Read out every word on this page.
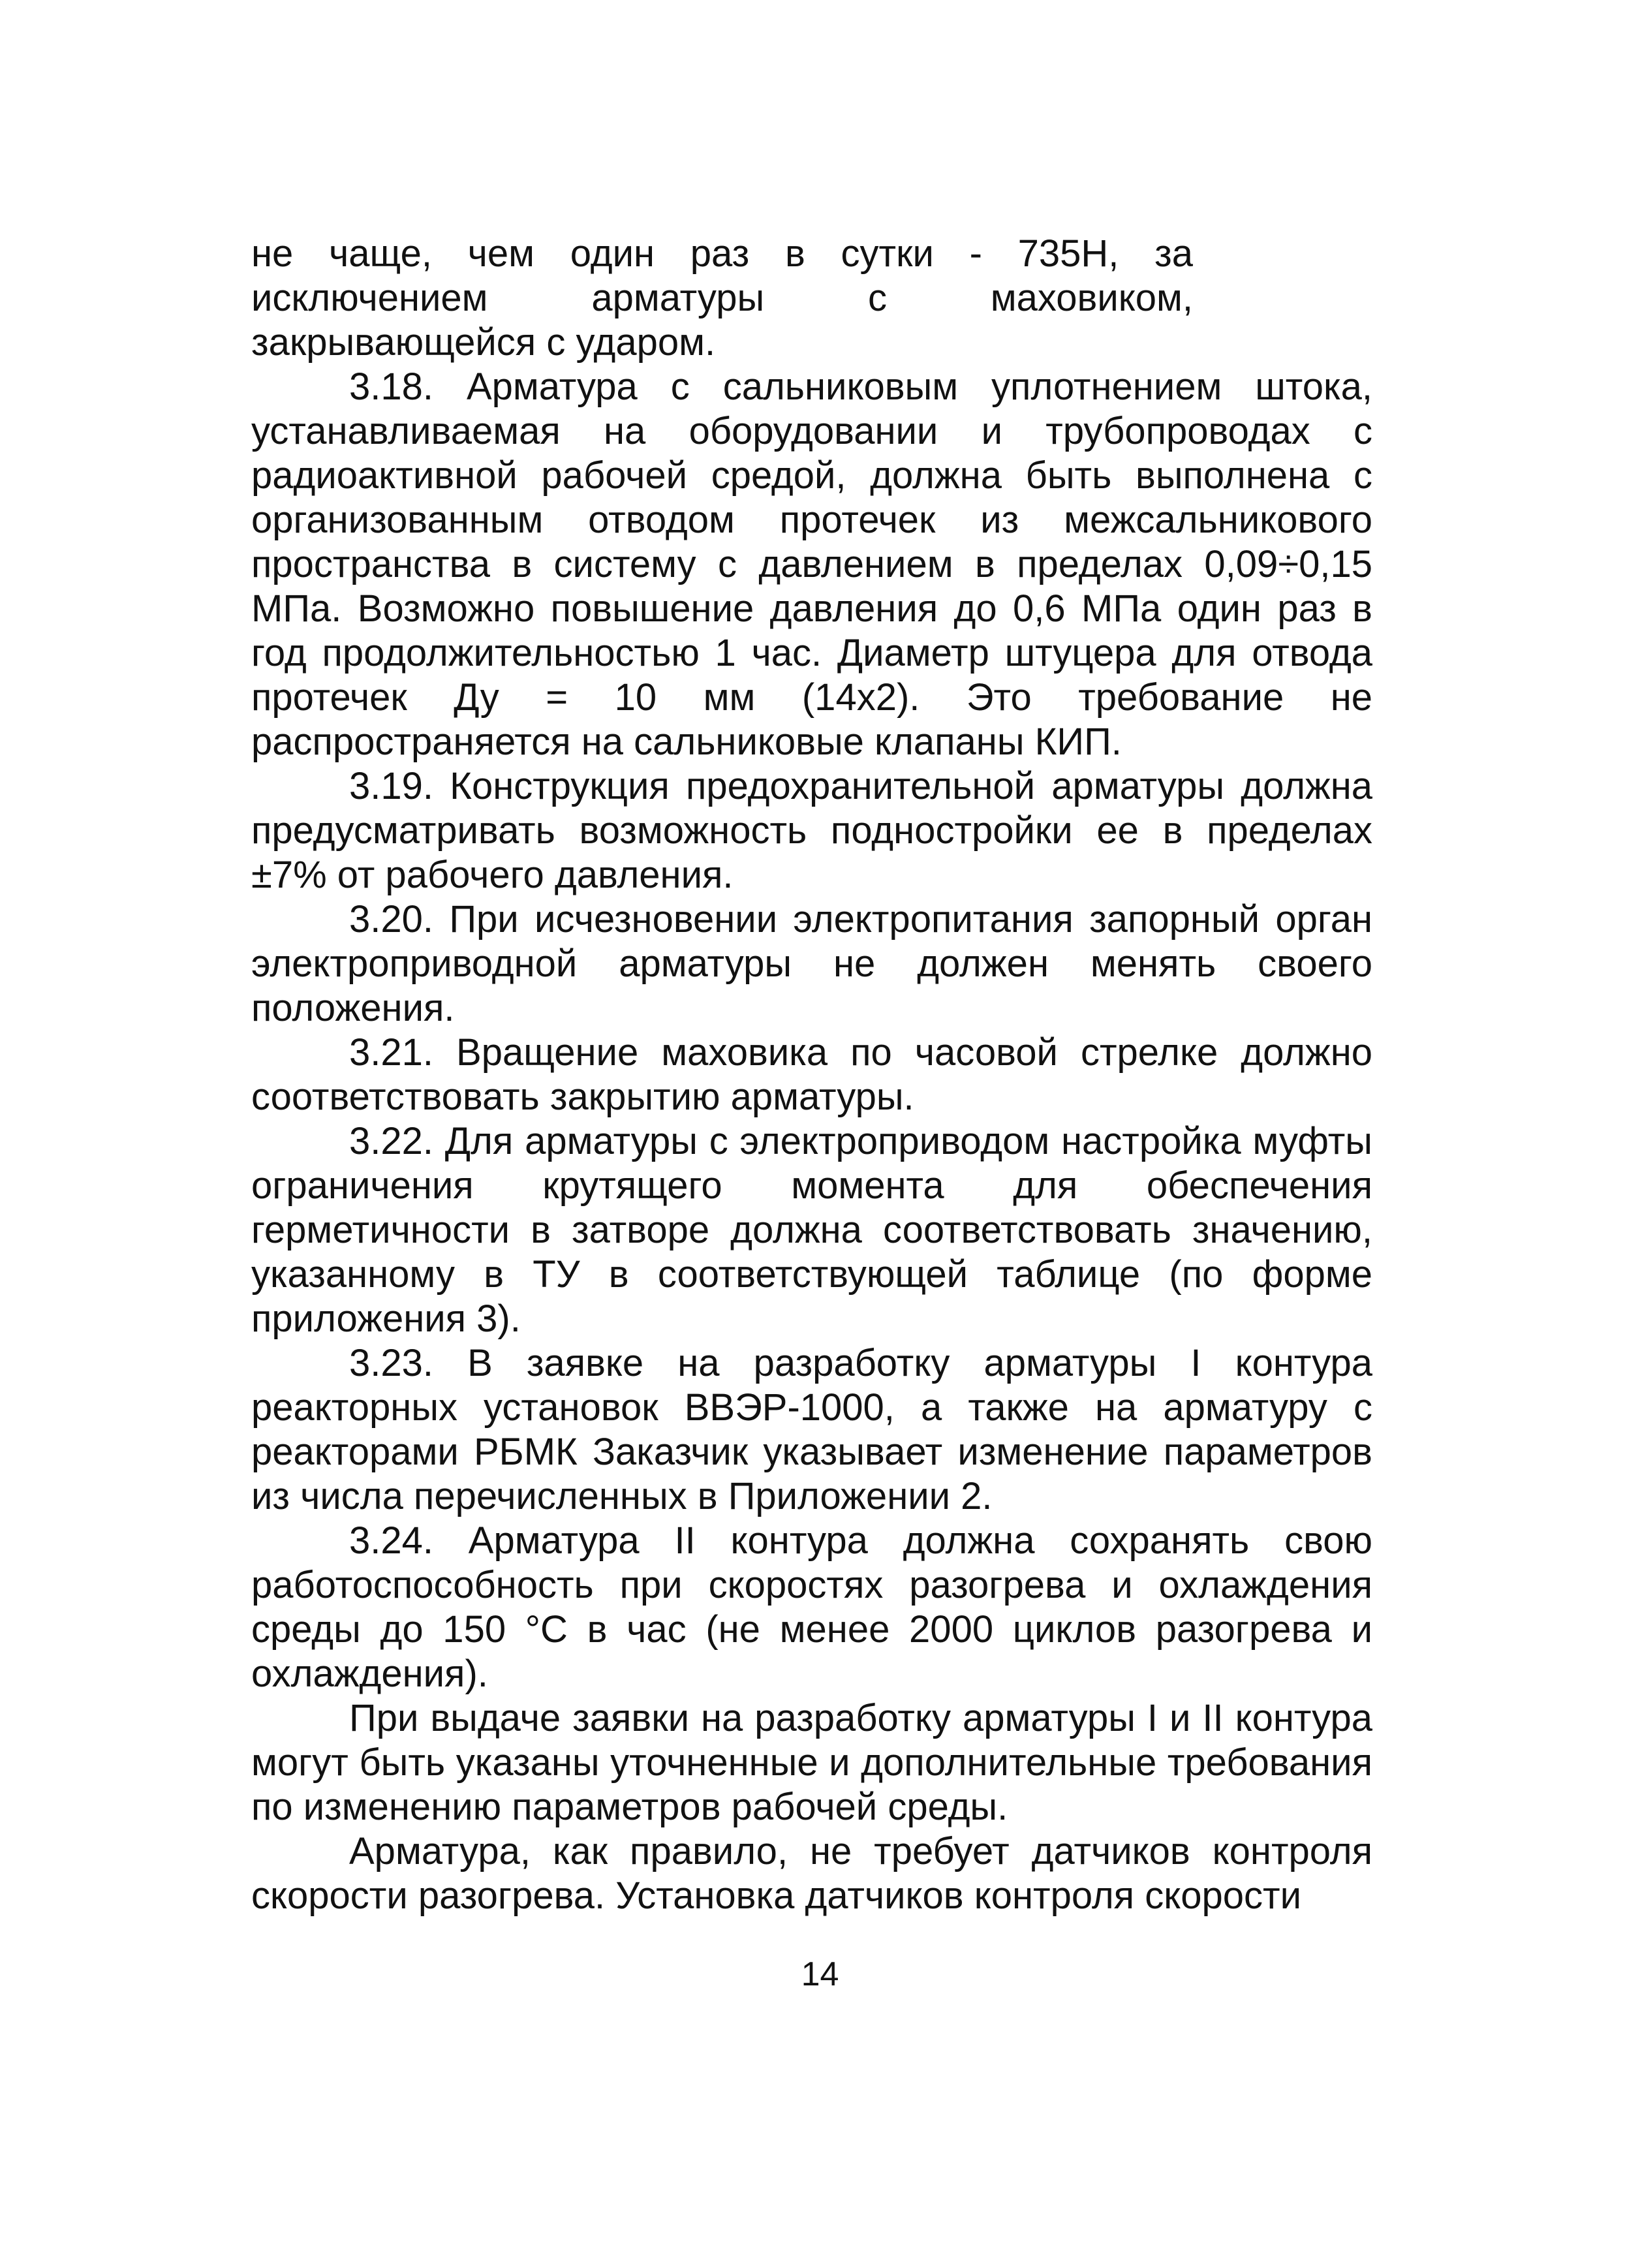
не чаще, чем один раз в сутки - 735Н, за исключением арматуры с маховиком, закрывающейся с ударом.

3.18. Арматура с сальниковым уплотнением штока, устанавливаемая на оборудовании и трубопроводах с радиоактивной рабочей средой, должна быть выполнена с организованным отводом протечек из межсальникового пространства в систему с давлением в пределах 0,09÷0,15 МПа. Возможно повышение давления до 0,6 МПа один раз в год продолжительностью 1 час. Диаметр штуцера для отвода протечек Ду = 10 мм (14х2). Это требование не распространяется на сальниковые клапаны КИП.

3.19. Конструкция предохранительной арматуры должна предусматривать возможность подностройки ее в пределах ±7% от рабочего давления.

3.20. При исчезновении электропитания запорный орган электроприводной арматуры не должен менять своего положения.

3.21. Вращение маховика по часовой стрелке должно соответствовать закрытию арматуры.

3.22. Для арматуры с электроприводом настройка муфты ограничения крутящего момента для обеспечения герметичности в затворе должна соответствовать значению, указанному в ТУ в соответствующей таблице (по форме приложения 3).

3.23. В заявке на разработку арматуры I контура реакторных установок ВВЭР-1000, а также на арматуру с реакторами РБМК Заказчик указывает изменение параметров из числа перечисленных в Приложении 2.

3.24. Арматура II контура должна сохранять свою работоспособность при скоростях разогрева и охлаждения среды до 150 °С в час (не менее 2000 циклов разогрева и охлаждения).

При выдаче заявки на разработку арматуры I и II контура могут быть указаны уточненные и дополнительные требования по изменению параметров рабочей среды.

Арматура, как правило, не требует датчиков контроля скорости разогрева. Установка датчиков контроля скорости

14
